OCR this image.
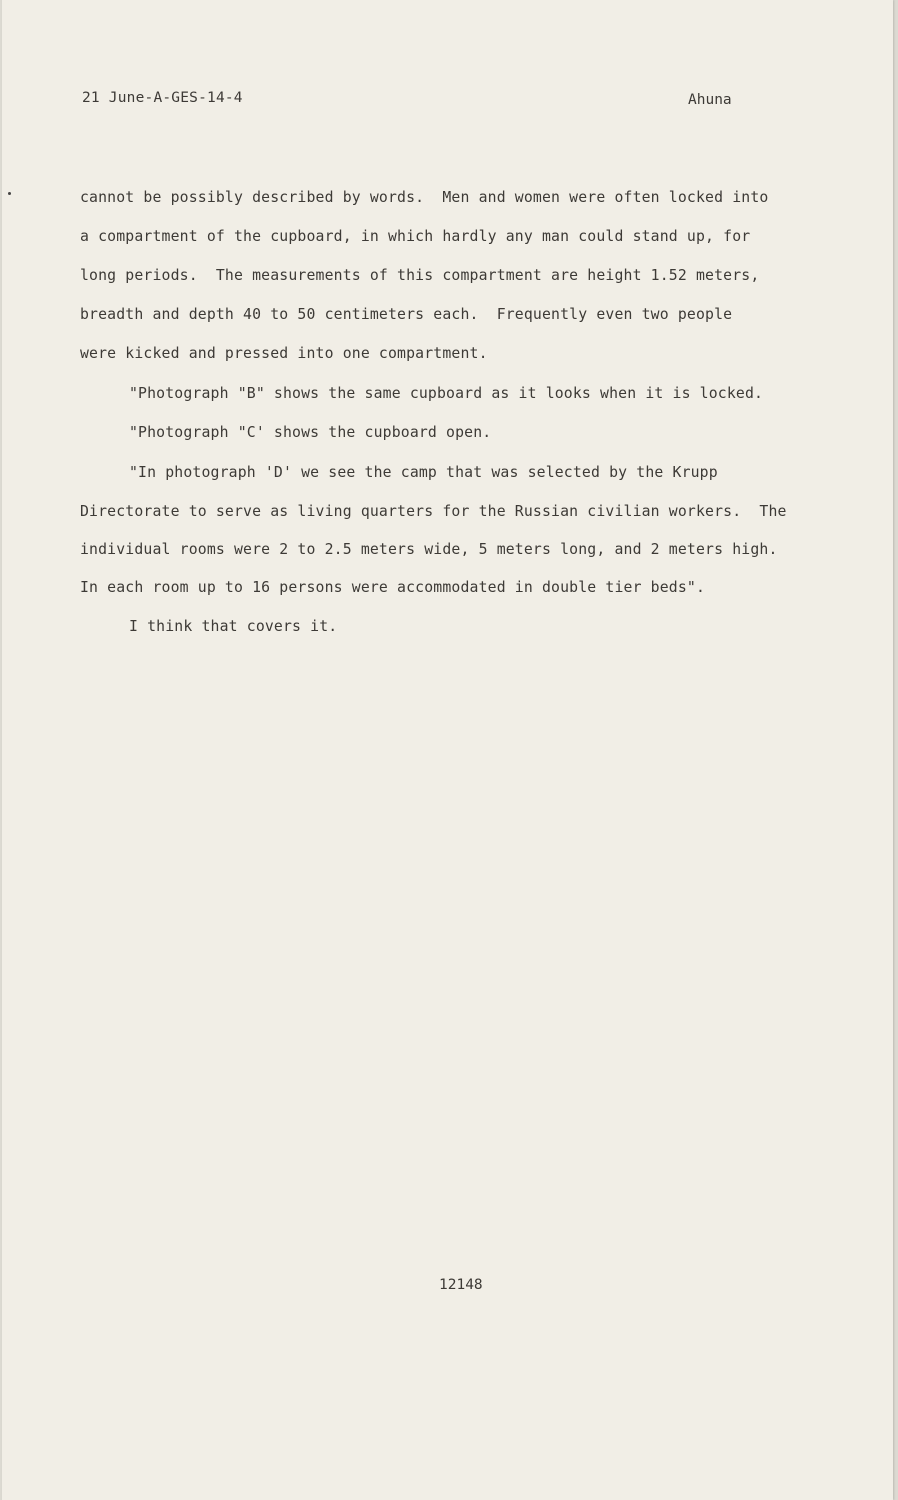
21 June-A-GES-14-4	Ahuna
cannot be possibly described by words.  Men and women were often locked into
a compartment of the cupboard, in which hardly any man could stand up, for
long periods.  The measurements of this compartment are height 1.52 meters,
breadth and depth 40 to 50 centimeters each.  Frequently even two people
were kicked and pressed into one compartment.
"Photograph "B" shows the same cupboard as it looks when it is locked.
"Photograph "C' shows the cupboard open.
"In photograph 'D' we see the camp that was selected by the Krupp
Directorate to serve as living quarters for the Russian civilian workers.  The
individual rooms were 2 to 2.5 meters wide, 5 meters long, and 2 meters high.
In each room up to 16 persons were accommodated in double tier beds".
I think that covers it.
12148
